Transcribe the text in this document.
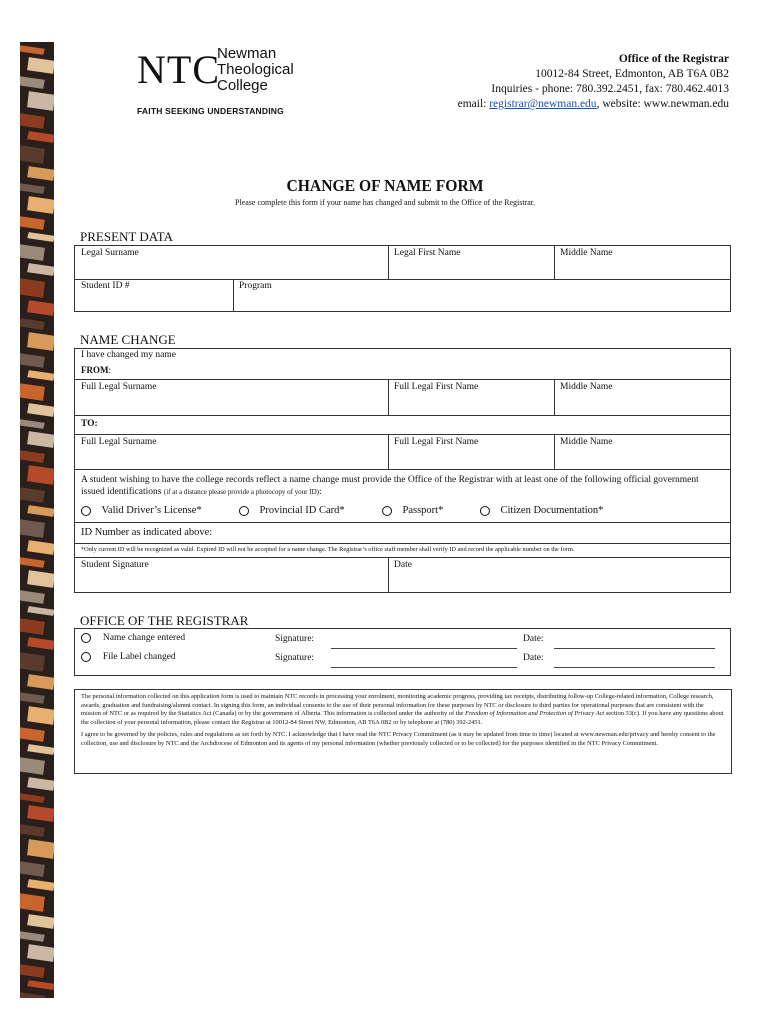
NTC
Newman
Theological
College
FAITH SEEKING UNDERSTANDING
Office of the Registrar
10012-84 Street, Edmonton, AB T6A 0B2
Inquiries - phone: 780.392.2451, fax: 780.462.4013
email: registrar@newman.edu, website: www.newman.edu
CHANGE OF NAME FORM
Please complete this form if your name has changed and submit to the Office of the Registrar.
PRESENT DATA
Legal Surname	Legal First Name	Middle Name
Student ID #	Program
NAME CHANGE
I have changed my name
FROM:
Full Legal Surname	Full Legal First Name	Middle Name
TO:
Full Legal Surname	Full Legal First Name	Middle Name
A student wishing to have the college records reflect a name change must provide the Office of the Registrar with at least one of the following official government issued identifications (if at a distance please provide a photocopy of your ID):
Valid Driver’s License*	Provincial ID Card*	Passport*	Citizen Documentation*
ID Number as indicated above:
*Only current ID will be recognized as valid. Expired ID will not be accepted for a name change. The Registrar’s office staff member shall verify ID and record the applicable number on the form.
Student Signature	Date
OFFICE OF THE REGISTRAR
Name change entered	Signature:	Date:
File Label changed	Signature:	Date:

The personal information collected on this application form is used to maintain NTC records in processing your enrolment, monitoring academic progress, providing tax receipts, distributing follow-up College-related information, College research, awards, graduation and fundraising/alumni contact. In signing this form, an individual consents to the use of their personal information for these purposes by NTC or disclosure to third parties for operational purposes that are consistent with the mission of NTC or as required by the Statistics Act (Canada) or by the government of Alberta. This information is collected under the authority of the Freedom of Information and Protection of Privacy Act section 33(c). If you have any questions about the collection of your personal information, please contact the Registrar at 10012-84 Street NW, Edmonton, AB T6A 0B2 or by telephone at (780) 392-2451.

I agree to be governed by the policies, rules and regulations as set forth by NTC. I acknowledge that I have read the NTC Privacy Commitment (as it may be updated from time to time) located at www.newman.edu/privacy and hereby consent to the collection, use and disclosure by NTC and the Archdiocese of Edmonton and its agents of my personal information (whether previously collected or to be collected) for the purposes identified in the NTC Privacy Commitment.
